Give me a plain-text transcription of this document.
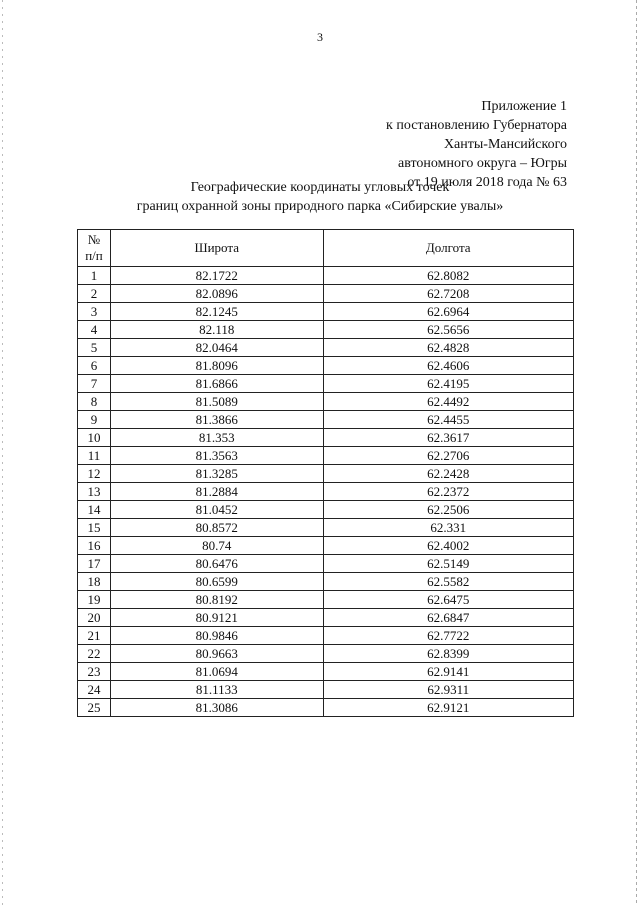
3
Приложение 1
к постановлению Губернатора
Ханты-Мансийского
автономного округа – Югры
от 19 июля 2018 года № 63
Географические координаты угловых точек
границ охранной зоны природного парка «Сибирские увалы»
№
п/п	Широта	Долгота
1	82.1722	62.8082
2	82.0896	62.7208
3	82.1245	62.6964
4	82.118	62.5656
5	82.0464	62.4828
6	81.8096	62.4606
7	81.6866	62.4195
8	81.5089	62.4492
9	81.3866	62.4455
10	81.353	62.3617
11	81.3563	62.2706
12	81.3285	62.2428
13	81.2884	62.2372
14	81.0452	62.2506
15	80.8572	62.331
16	80.74	62.4002
17	80.6476	62.5149
18	80.6599	62.5582
19	80.8192	62.6475
20	80.9121	62.6847
21	80.9846	62.7722
22	80.9663	62.8399
23	81.0694	62.9141
24	81.1133	62.9311
25	81.3086	62.9121
